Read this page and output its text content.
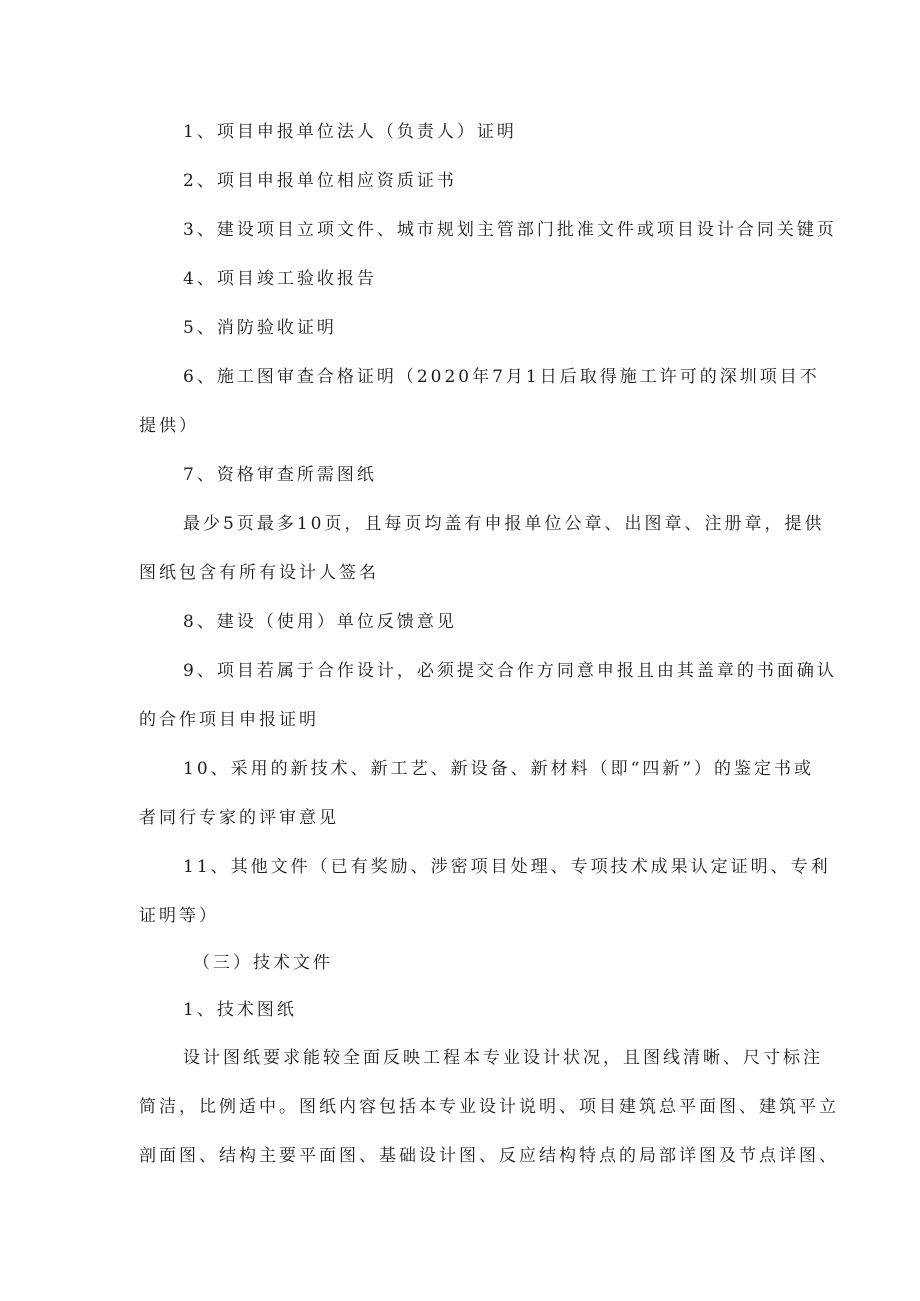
1、项目申报单位法人（负责人）证明

2、项目申报单位相应资质证书

3、建设项目立项文件、城市规划主管部门批准文件或项目设计合同关键页

4、项目竣工验收报告

5、消防验收证明

6、施工图审查合格证明（2020年7月1日后取得施工许可的深圳项目不

提供）

7、资格审查所需图纸

最少5页最多10页，且每页均盖有申报单位公章、出图章、注册章，提供

图纸包含有所有设计人签名

8、建设（使用）单位反馈意见

9、项目若属于合作设计，必须提交合作方同意申报且由其盖章的书面确认

的合作项目申报证明

10、采用的新技术、新工艺、新设备、新材料（即“四新”）的鉴定书或

者同行专家的评审意见

11、其他文件（已有奖励、涉密项目处理、专项技术成果认定证明、专利

证明等）

（三）技术文件

1、技术图纸

设计图纸要求能较全面反映工程本专业设计状况，且图线清晰、尺寸标注

简洁，比例适中。图纸内容包括本专业设计说明、项目建筑总平面图、建筑平立

剖面图、结构主要平面图、基础设计图、反应结构特点的局部详图及节点详图、
